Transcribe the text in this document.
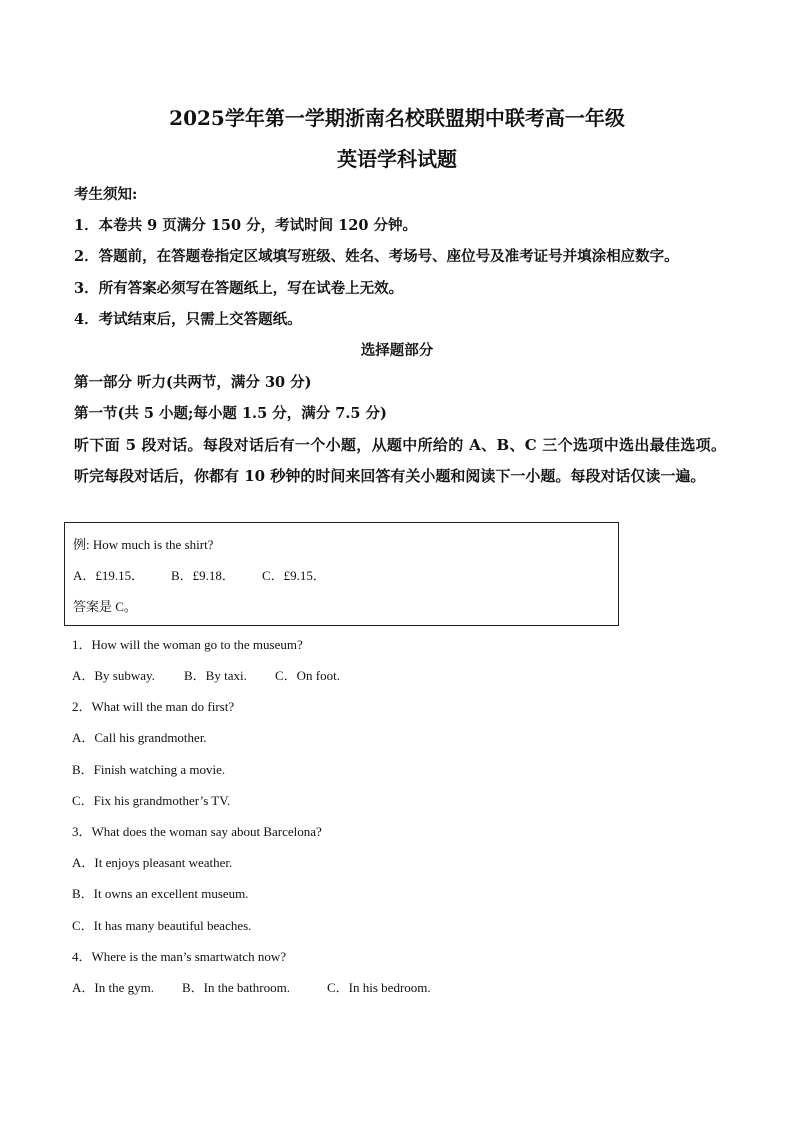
2025学年第一学期浙南名校联盟期中联考高一年级
英语学科试题
考生须知:
1．本卷共 9 页满分 150 分，考试时间 120 分钟。
2．答题前，在答题卷指定区域填写班级、姓名、考场号、座位号及准考证号并填涂相应数字。
3．所有答案必须写在答题纸上，写在试卷上无效。
4．考试结束后，只需上交答题纸。
选择题部分
第一部分 听力(共两节，满分 30 分)
第一节(共 5 小题;每小题 1.5 分，满分 7.5 分)
听下面 5 段对话。每段对话后有一个小题，从题中所给的 A、B、C 三个选项中选出最佳选项。听完每段对话后，你都有 10 秒钟的时间来回答有关小题和阅读下一小题。每段对话仅读一遍。
例: How much is the shirt?
A．£19.15． B．£9.18． C．£9.15．
答案是 C。
1．How will the woman go to the museum?
A．By subway. B．By taxi. C．On foot.
2．What will the man do first?
A．Call his grandmother.
B．Finish watching a movie.
C．Fix his grandmother’s TV.
3．What does the woman say about Barcelona?
A．It enjoys pleasant weather.
B．It owns an excellent museum.
C．It has many beautiful beaches.
4．Where is the man’s smartwatch now?
A．In the gym. B．In the bathroom.	C．In his bedroom.
